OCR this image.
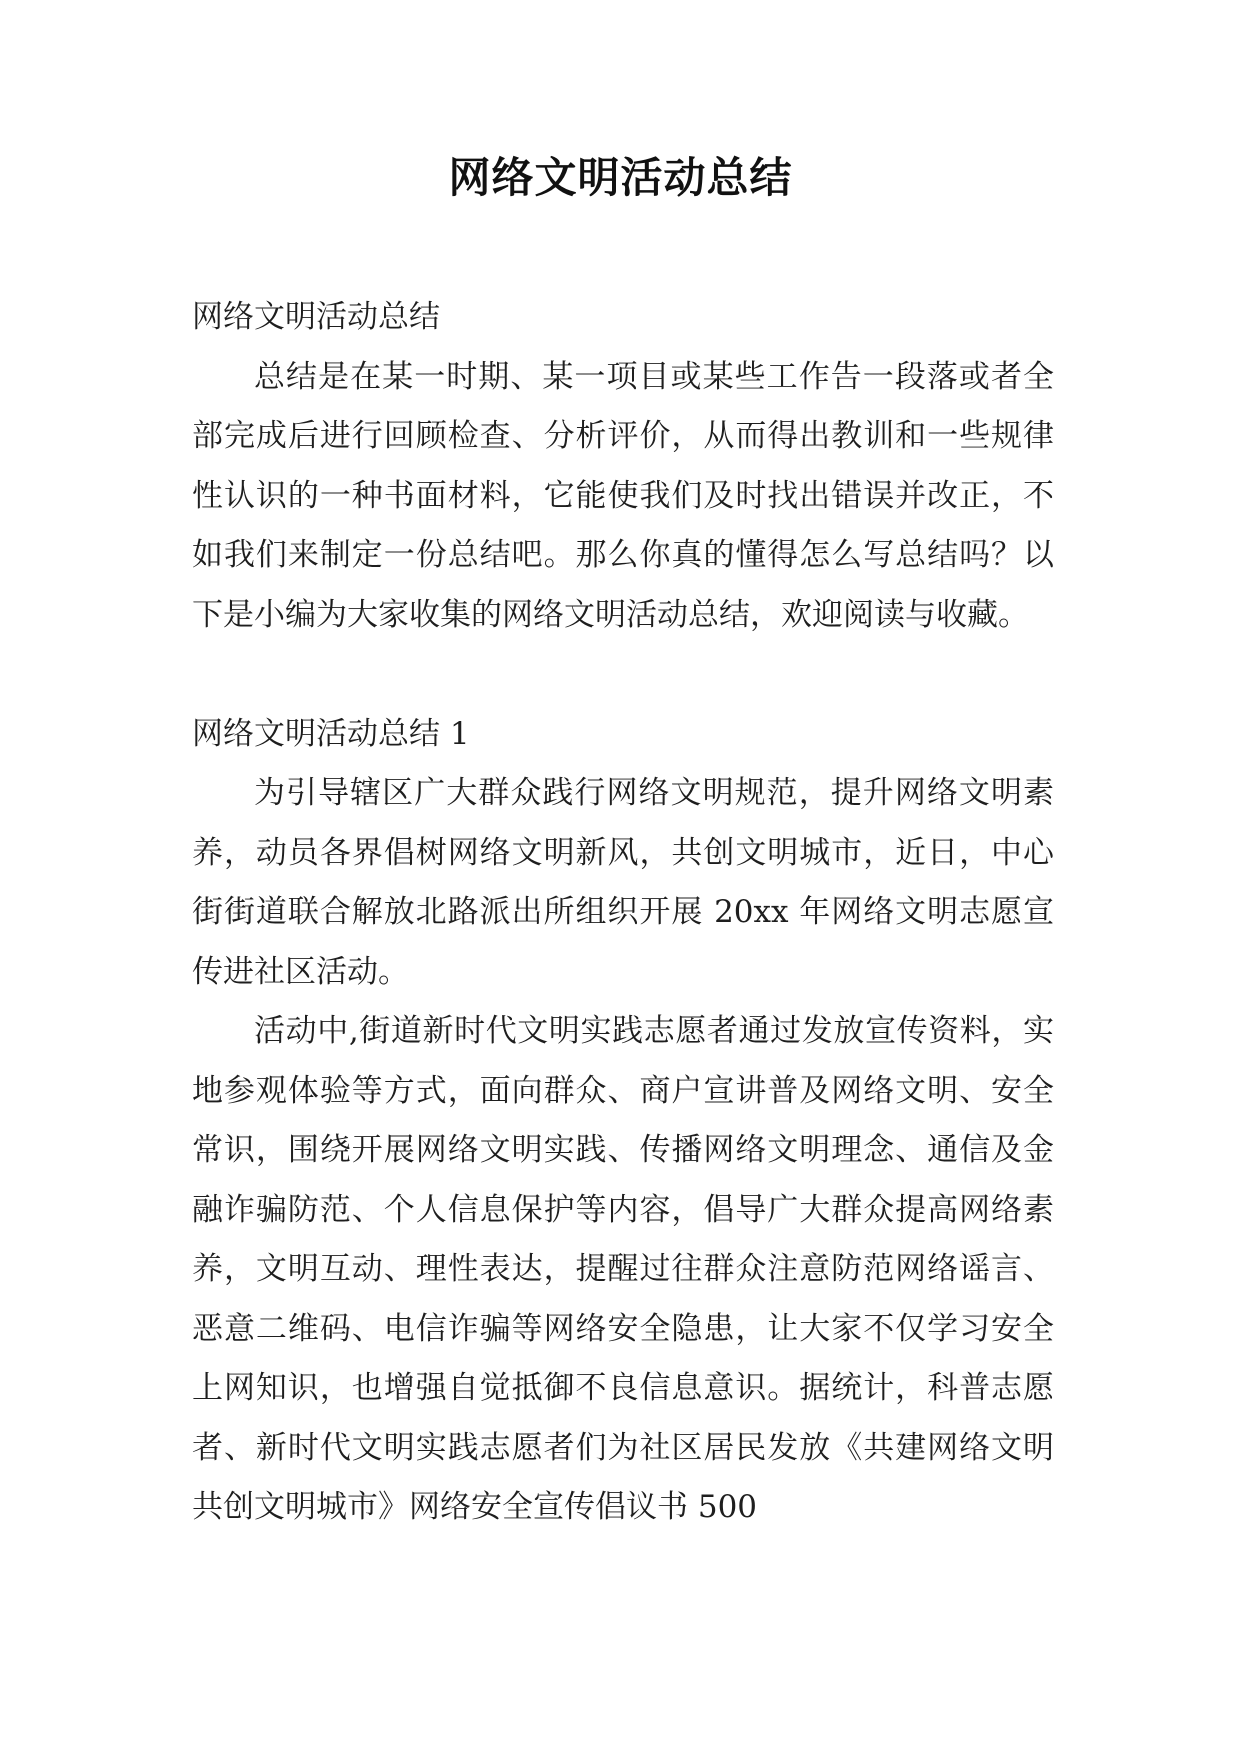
网络文明活动总结

网络文明活动总结

总结是在某一时期、某一项目或某些工作告一段落或者全部完成后进行回顾检查、分析评价，从而得出教训和一些规律性认识的一种书面材料，它能使我们及时找出错误并改正，不如我们来制定一份总结吧。那么你真的懂得怎么写总结吗？以下是小编为大家收集的网络文明活动总结，欢迎阅读与收藏。

网络文明活动总结 1

为引导辖区广大群众践行网络文明规范，提升网络文明素养，动员各界倡树网络文明新风，共创文明城市，近日，中心街街道联合解放北路派出所组织开展 20xx 年网络文明志愿宣传进社区活动。

活动中,街道新时代文明实践志愿者通过发放宣传资料，实地参观体验等方式，面向群众、商户宣讲普及网络文明、安全常识，围绕开展网络文明实践、传播网络文明理念、通信及金融诈骗防范、个人信息保护等内容，倡导广大群众提高网络素养，文明互动、理性表达，提醒过往群众注意防范网络谣言、恶意二维码、电信诈骗等网络安全隐患，让大家不仅学习安全上网知识，也增强自觉抵御不良信息意识。据统计，科普志愿者、新时代文明实践志愿者们为社区居民发放《共建网络文明共创文明城市》网络安全宣传倡议书 500
